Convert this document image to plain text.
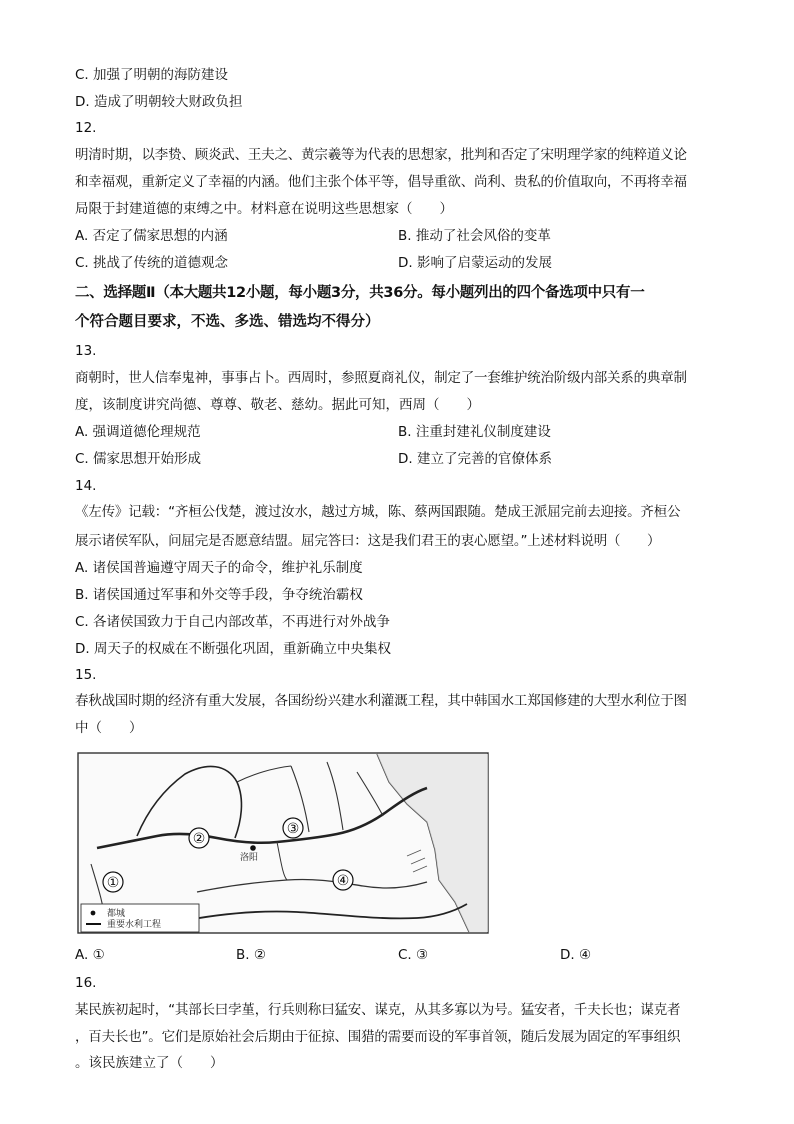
C. 加强了明朝的海防建设
D. 造成了明朝较大财政负担
12.
明清时期，以李贽、顾炎武、王夫之、黄宗羲等为代表的思想家，批判和否定了宋明理学家的纯粹道义论
和幸福观，重新定义了幸福的内涵。他们主张个体平等，倡导重欲、尚利、贵私的价值取向，不再将幸福
局限于封建道德的束缚之中。材料意在说明这些思想家（　　）
A. 否定了儒家思想的内涵	B. 推动了社会风俗的变革
C. 挑战了传统的道德观念	D. 影响了启蒙运动的发展
二、选择题Ⅱ（本大题共12小题，每小题3分，共36分。每小题列出的四个备选项中只有一
个符合题目要求，不选、多选、错选均不得分）
13.
商朝时，世人信奉鬼神，事事占卜。西周时，参照夏商礼仪，制定了一套维护统治阶级内部关系的典章制
度，该制度讲究尚德、尊尊、敬老、慈幼。据此可知，西周（　　）
A. 强调道德伦理规范	B. 注重封建礼仪制度建设
C. 儒家思想开始形成	D. 建立了完善的官僚体系
14.
《左传》记载：“齐桓公伐楚，渡过汝水，越过方城，陈、蔡两国跟随。楚成王派屈完前去迎接。齐桓公
展示诸侯军队，问屈完是否愿意结盟。屈完答曰：这是我们君王的衷心愿望。”上述材料说明（　　）
A. 诸侯国普遍遵守周天子的命令，维护礼乐制度
B. 诸侯国通过军事和外交等手段，争夺统治霸权
C. 各诸侯国致力于自己内部改革，不再进行对外战争
D. 周天子的权威在不断强化巩固，重新确立中央集权
15.
春秋战国时期的经济有重大发展，各国纷纷兴建水利灌溉工程，其中韩国水工郑国修建的大型水利位于图
中（　　）
洛阳
①
②
③
④
都城
重要水利工程
A. ①	B. ②	C. ③	D. ④
16.
某民族初起时，“其部长曰孛堇，行兵则称曰猛安、谋克，从其多寡以为号。猛安者，千夫长也；谋克者
，百夫长也”。它们是原始社会后期由于征掠、围猎的需要而设的军事首领，随后发展为固定的军事组织
。该民族建立了（　　）
